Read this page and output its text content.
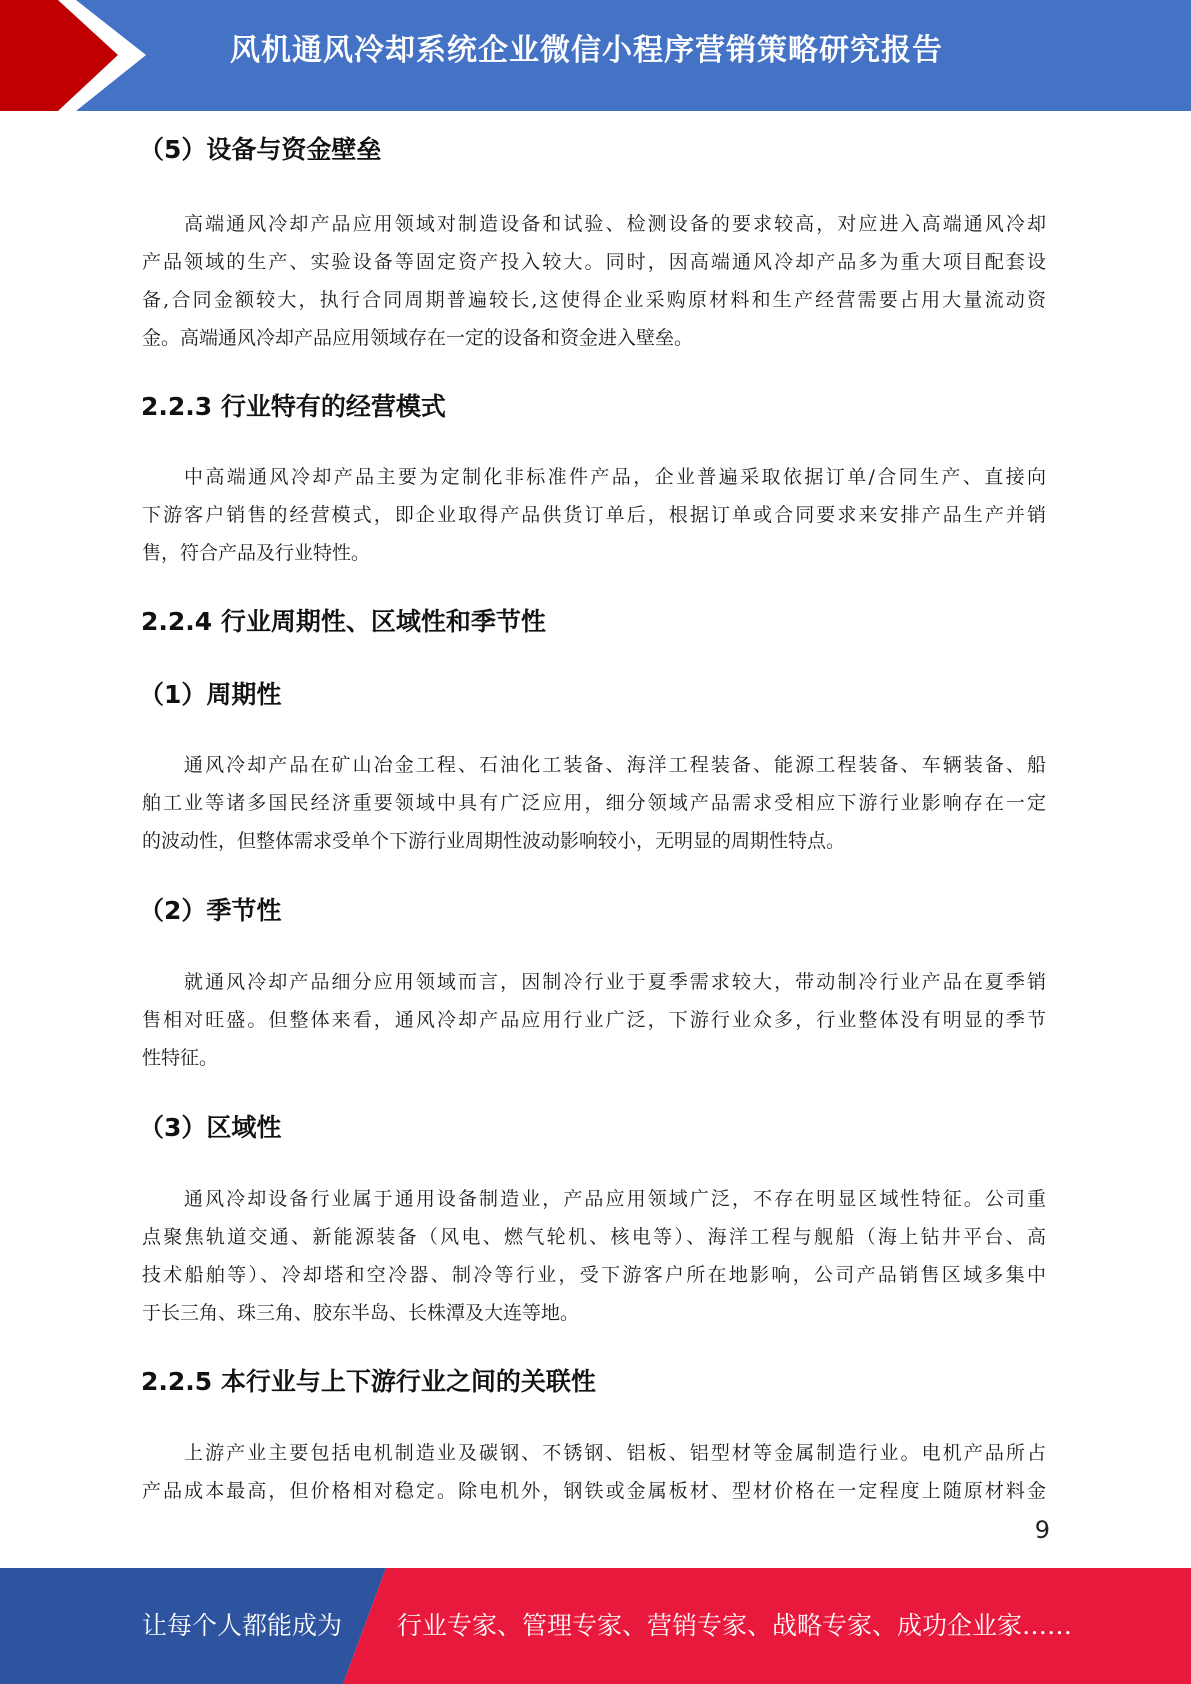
风机通风冷却系统企业微信小程序营销策略研究报告
（5）设备与资金壁垒
高端通风冷却产品应用领域对制造设备和试验、检测设备的要求较高，对应进入高端通风冷却
产品领域的生产、实验设备等固定资产投入较大。同时，因高端通风冷却产品多为重大项目配套设
备,合同金额较大，执行合同周期普遍较长,这使得企业采购原材料和生产经营需要占用大量流动资
金。高端通风冷却产品应用领域存在一定的设备和资金进入壁垒。
2.2.3 行业特有的经营模式
中高端通风冷却产品主要为定制化非标准件产品，企业普遍采取依据订单/合同生产、直接向
下游客户销售的经营模式，即企业取得产品供货订单后，根据订单或合同要求来安排产品生产并销
售，符合产品及行业特性。
2.2.4 行业周期性、区域性和季节性
（1）周期性
通风冷却产品在矿山冶金工程、石油化工装备、海洋工程装备、能源工程装备、车辆装备、船
舶工业等诸多国民经济重要领域中具有广泛应用，细分领域产品需求受相应下游行业影响存在一定
的波动性，但整体需求受单个下游行业周期性波动影响较小，无明显的周期性特点。
（2）季节性
就通风冷却产品细分应用领域而言，因制冷行业于夏季需求较大，带动制冷行业产品在夏季销
售相对旺盛。但整体来看，通风冷却产品应用行业广泛，下游行业众多，行业整体没有明显的季节
性特征。
（3）区域性
通风冷却设备行业属于通用设备制造业，产品应用领域广泛，不存在明显区域性特征。公司重
点聚焦轨道交通、新能源装备（风电、燃气轮机、核电等）、海洋工程与舰船（海上钻井平台、高
技术船舶等）、冷却塔和空冷器、制冷等行业，受下游客户所在地影响，公司产品销售区域多集中
于长三角、珠三角、胶东半岛、长株潭及大连等地。
2.2.5 本行业与上下游行业之间的关联性
上游产业主要包括电机制造业及碳钢、不锈钢、铝板、铝型材等金属制造行业。电机产品所占
产品成本最高，但价格相对稳定。除电机外，钢铁或金属板材、型材价格在一定程度上随原材料金
9
让每个人都能成为 行业专家、管理专家、营销专家、战略专家、成功企业家……
